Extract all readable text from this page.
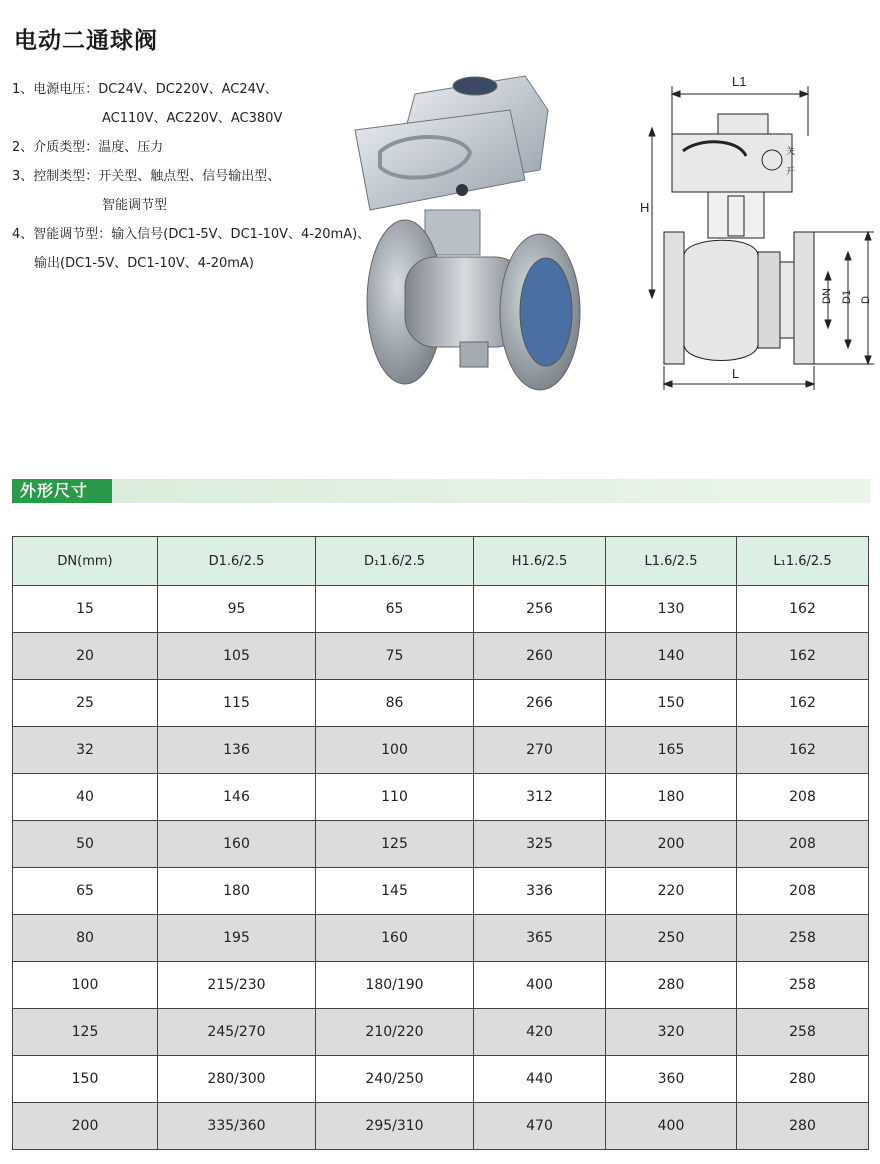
电动二通球阀
1、电源电压：DC24V、DC220V、AC24V、
AC110V、AC220V、AC380V
2、介质类型：温度、压力
3、控制类型：开关型、触点型、信号输出型、
智能调节型
4、智能调节型：输入信号(DC1-5V、DC1-10V、4-20mA)、
输出(DC1-5V、DC1-10V、4-20mA)
L1
H
L
DN D1 D
关
开
外形尺寸
DN(mm)	D1.6/2.5	D₁1.6/2.5	H1.6/2.5	L1.6/2.5	L₁1.6/2.5
15	95	65	256	130	162
20	105	75	260	140	162
25	115	86	266	150	162
32	136	100	270	165	162
40	146	110	312	180	208
50	160	125	325	200	208
65	180	145	336	220	208
80	195	160	365	250	258
100	215/230	180/190	400	280	258
125	245/270	210/220	420	320	258
150	280/300	240/250	440	360	280
200	335/360	295/310	470	400	280
